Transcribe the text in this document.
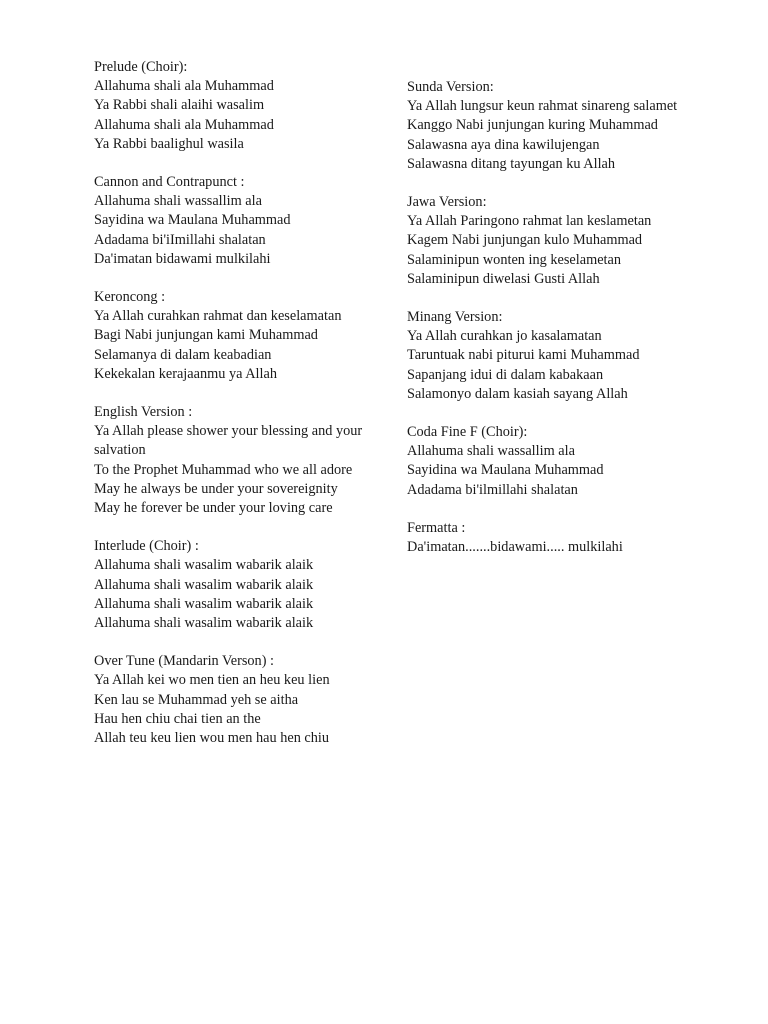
Prelude (Choir):
Allahuma shali ala Muhammad
Ya Rabbi shali alaihi wasalim
Allahuma shali ala Muhammad
Ya Rabbi baalighul wasila
Cannon and Contrapunct :
Allahuma shali wassallim ala
Sayidina wa Maulana Muhammad
Adadama bi'iImillahi shalatan
Da'imatan bidawami mulkilahi
Keroncong :
Ya Allah curahkan rahmat dan keselamatan
Bagi Nabi junjungan kami Muhammad
Selamanya di dalam keabadian
Kekekalan kerajaanmu ya Allah
English Version :
Ya Allah please shower your blessing and your salvation
To the Prophet Muhammad who we all adore
May he always be under your sovereignity
May he forever be under your loving care
Interlude (Choir) :
Allahuma shali wasalim wabarik alaik
Allahuma shali wasalim wabarik alaik
Allahuma shali wasalim wabarik alaik
Allahuma shali wasalim wabarik alaik
Over Tune (Mandarin Verson) :
Ya Allah kei wo men tien an heu keu lien
Ken lau se Muhammad yeh se aitha
Hau hen chiu chai tien an the
Allah teu keu lien wou men hau hen chiu
Sunda Version:
Ya Allah lungsur keun rahmat sinareng salamet
Kanggo Nabi junjungan kuring Muhammad
Salawasna aya dina kawilujengan
Salawasna ditang tayungan ku Allah
Jawa Version:
Ya Allah Paringono rahmat lan keslametan
Kagem Nabi junjungan kulo Muhammad
Salaminipun wonten ing keselametan
Salaminipun diwelasi Gusti Allah
Minang Version:
Ya Allah curahkan jo kasalamatan
Taruntuak nabi piturui kami Muhammad
Sapanjang idui di dalam kabakaan
Salamonyo dalam kasiah sayang Allah
Coda Fine F (Choir):
Allahuma shali wassallim ala
Sayidina wa Maulana Muhammad
Adadama bi'ilmillahi shalatan
Fermatta :
Da'imatan.......bidawami..... mulkilahi
